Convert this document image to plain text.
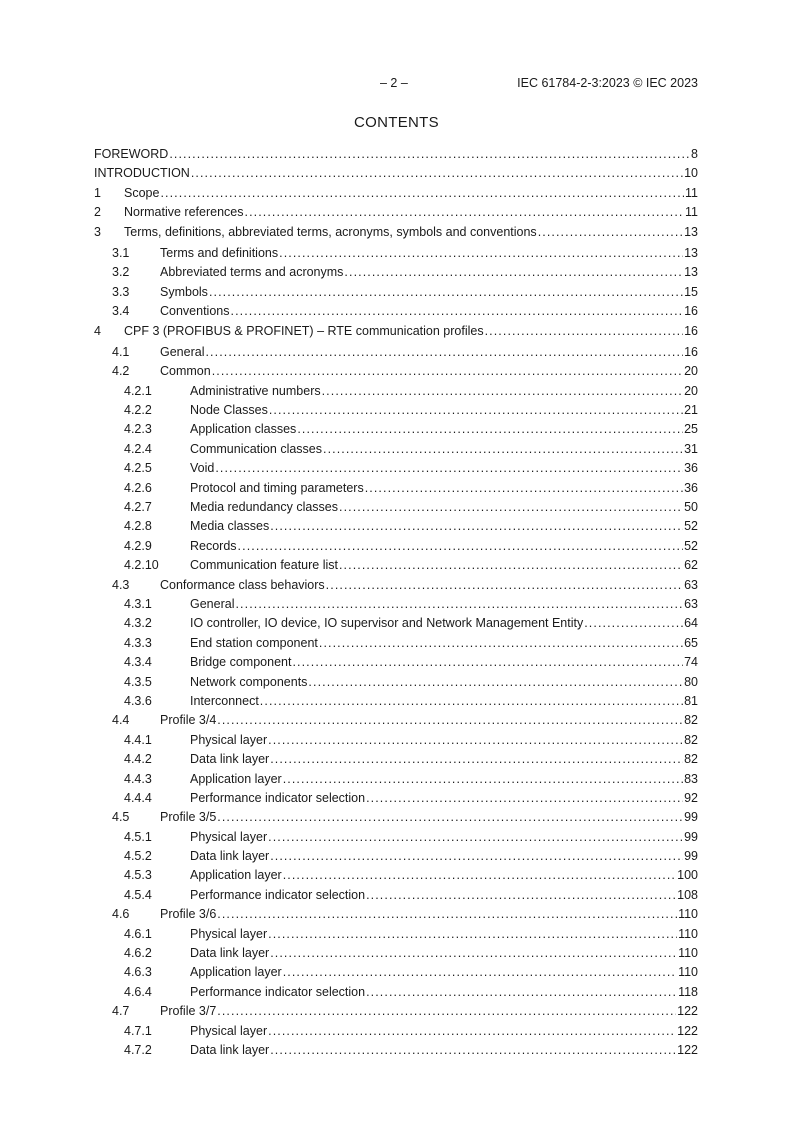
– 2 –	IEC 61784-2-3:2023 © IEC 2023
CONTENTS
FOREWORD .....	8
INTRODUCTION .....	10
1 Scope .....	11
2 Normative references .....	11
3 Terms, definitions, abbreviated terms, acronyms, symbols and conventions .....	13
3.1 Terms and definitions .....	13
3.2 Abbreviated terms and acronyms .....	13
3.3 Symbols .....	15
3.4 Conventions .....	16
4 CPF 3 (PROFIBUS & PROFINET) – RTE communication profiles .....	16
4.1 General .....	16
4.2 Common .....	20
4.2.1	Administrative numbers .....	20
4.2.2	Node Classes .....	21
4.2.3	Application classes .....	25
4.2.4	Communication classes .....	31
4.2.5	Void .....	36
4.2.6	Protocol and timing parameters .....	36
4.2.7	Media redundancy classes .....	50
4.2.8	Media classes .....	52
4.2.9	Records .....	52
4.2.10 Communication feature list .....	62
4.3 Conformance class behaviors .....	63
4.3.1	General .....	63
4.3.2	IO controller, IO device, IO supervisor and Network Management Entity .....	64
4.3.3	End station component .....	65
4.3.4	Bridge component .....	74
4.3.5	Network components .....	80
4.3.6	Interconnect .....	81
4.4 Profile 3/4 .....	82
4.4.1	Physical layer .....	82
4.4.2	Data link layer .....	82
4.4.3	Application layer .....	83
4.4.4	Performance indicator selection .....	92
4.5 Profile 3/5 .....	99
4.5.1	Physical layer .....	99
4.5.2	Data link layer .....	99
4.5.3	Application layer .....	100
4.5.4	Performance indicator selection .....	108
4.6 Profile 3/6 .....	110
4.6.1	Physical layer .....	110
4.6.2	Data link layer .....	110
4.6.3	Application layer .....	110
4.6.4	Performance indicator selection .....	118
4.7 Profile 3/7 .....	122
4.7.1	Physical layer .....	122
4.7.2	Data link layer .....	122
